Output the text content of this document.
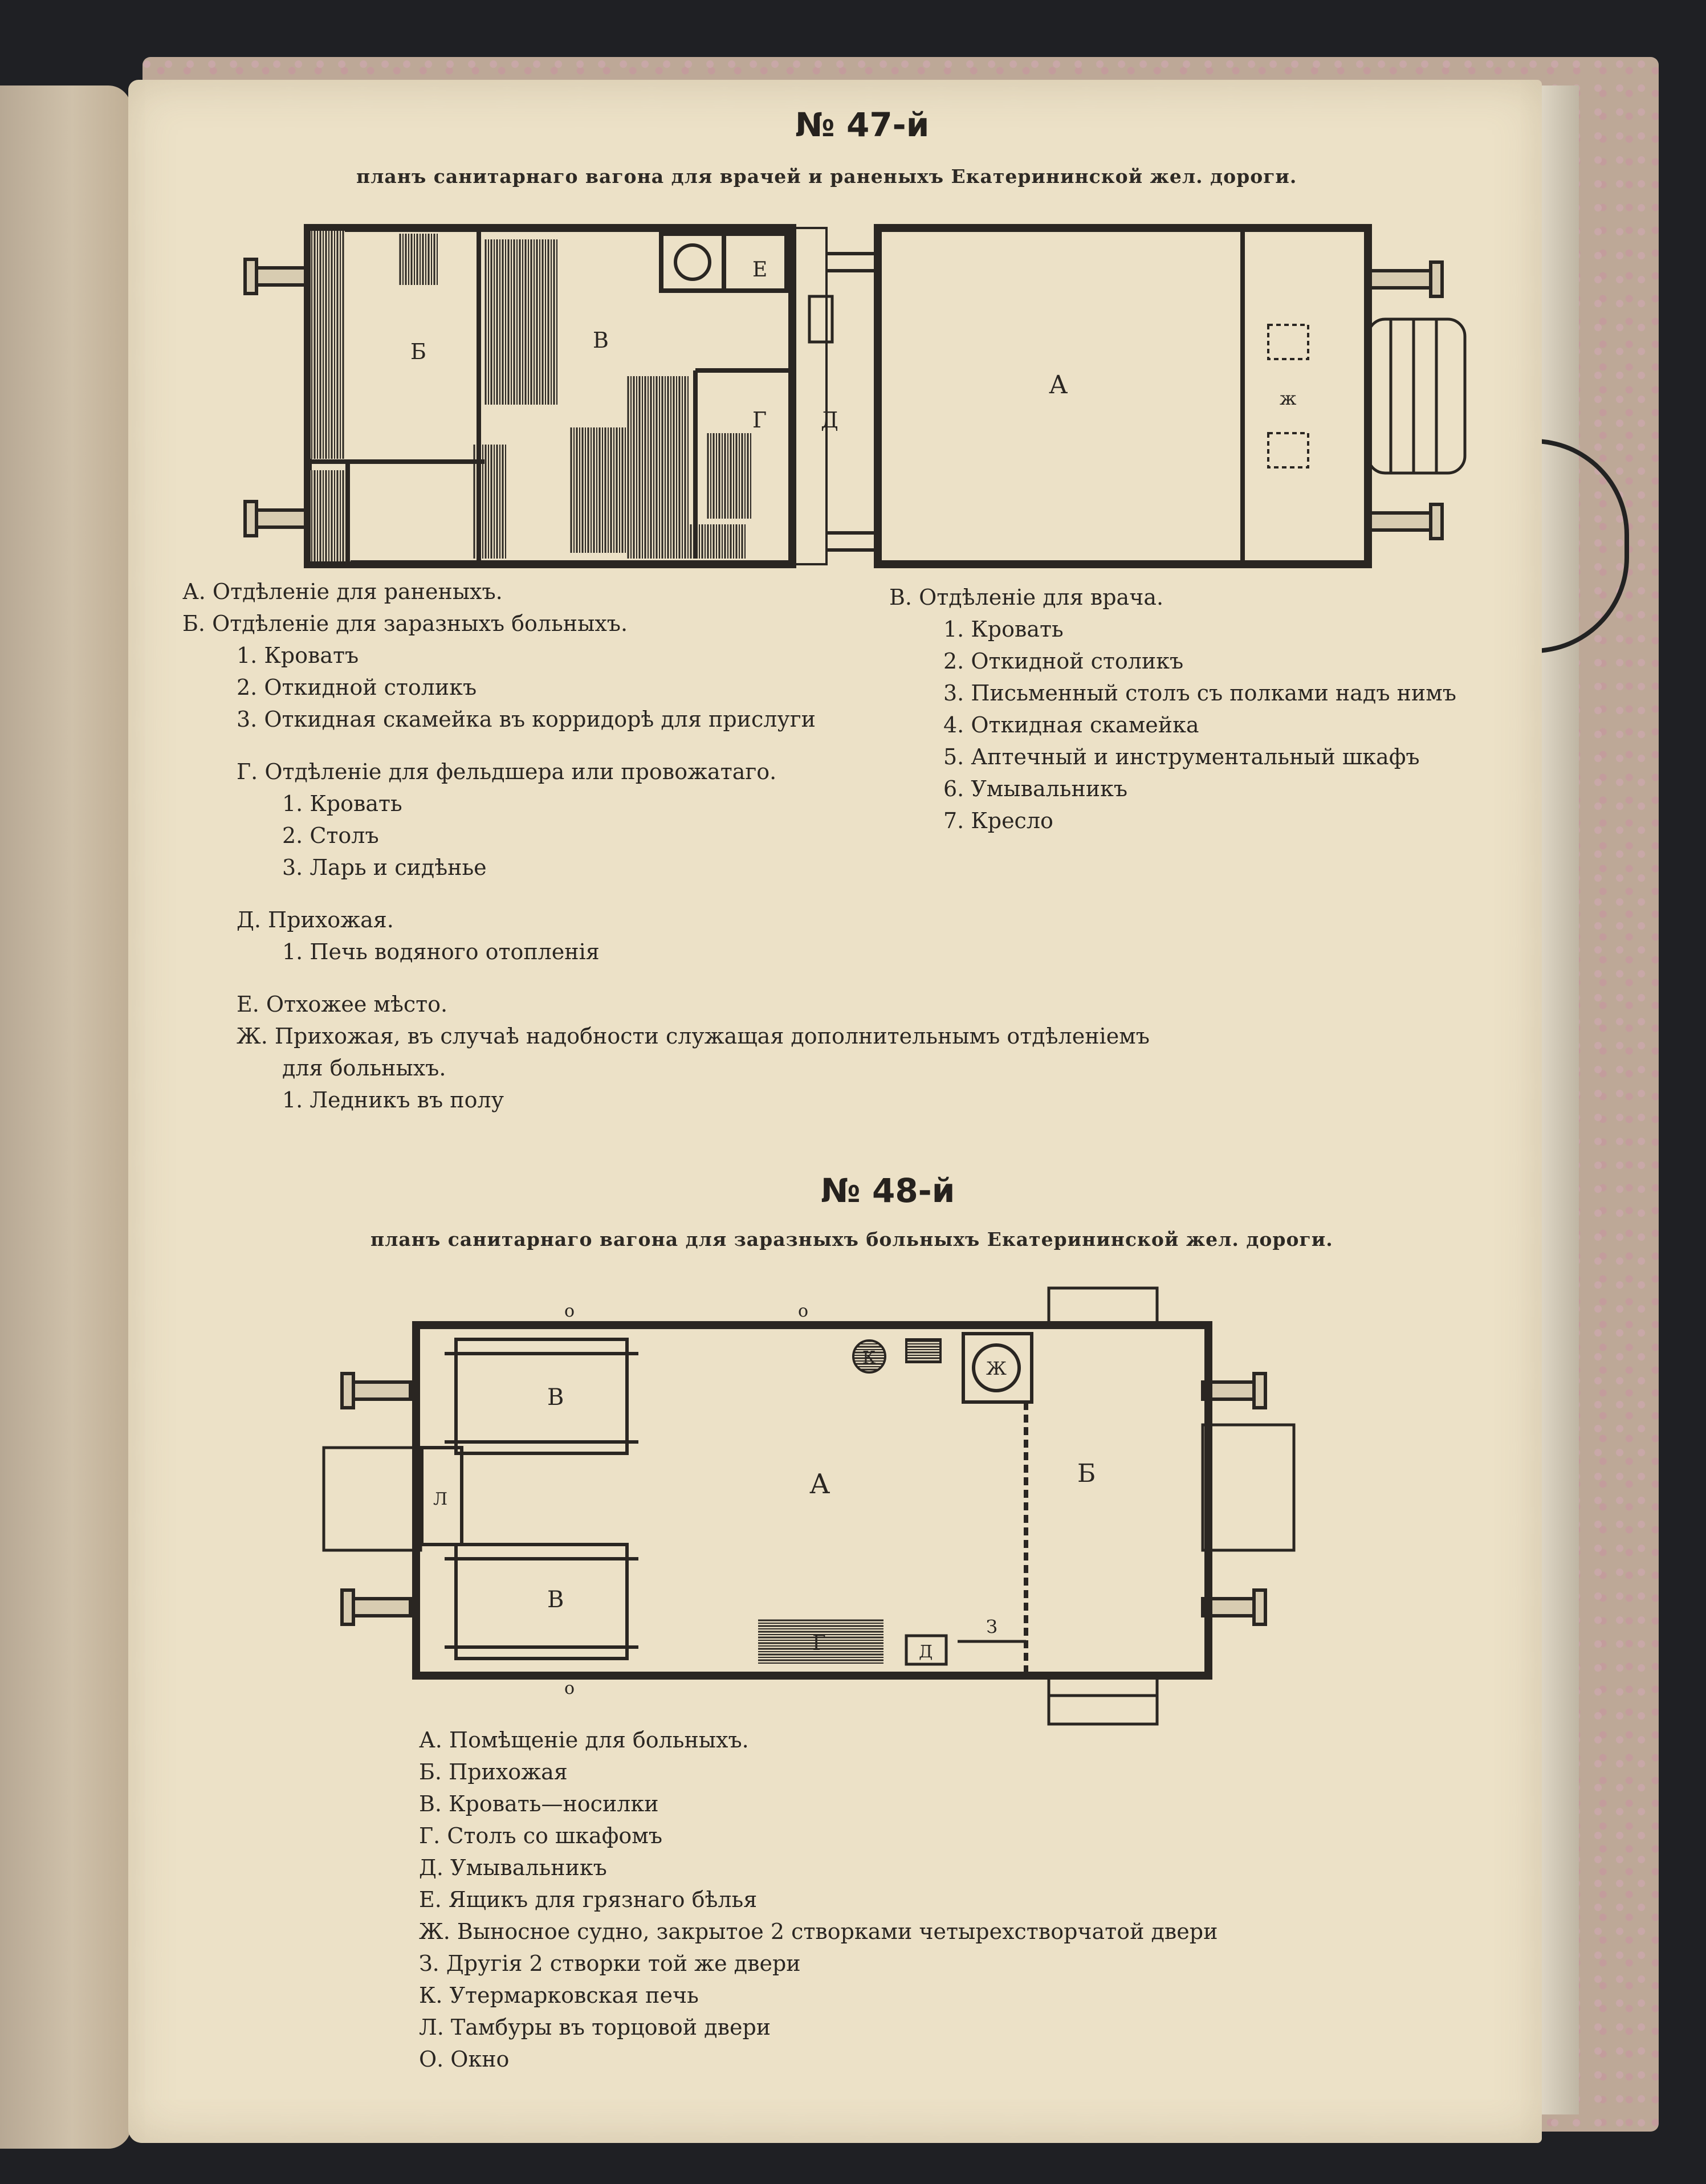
№ 47-й
планъ санитарнаго вагона для врачей и раненыхъ Екатерининской жел. дороги.
Б	В
Г Д
Е
А	ж
А. Отдѣленіе для раненыхъ.
Б. Отдѣленіе для заразныхъ больныхъ.
1. Кроватъ
2. Откидной столикъ
3. Откидная скамейка въ корридорѣ для прислуги
Г. Отдѣленіе для фельдшера или провожатаго.
1. Кровать
2. Столъ
3. Ларь и сидѣнье
Д. Прихожая.
1. Печь водяного отопленія
Е. Отхожее мѣсто.
Ж. Прихожая, въ случаѣ надобности служащая дополнительнымъ отдѣленіемъ
для больныхъ.
1. Ледникъ въ полу
В. Отдѣленіе для врача.
1. Кровать
2. Откидной столикъ
3. Письменный столъ съ полками надъ нимъ
4. Откидная скамейка
5. Аптечный и инструментальный шкафъ
6. Умывальникъ
7. Кресло
№ 48-й
планъ санитарнаго вагона для заразныхъ больныхъ Екатерининской жел. дороги.
В
В
А	Б
Г	Д
Ж
З
К
Л
о	о
о
А. Помѣщеніе для больныхъ.
Б. Прихожая
В. Кровать—носилки
Г. Столъ со шкафомъ
Д. Умывальникъ
Е. Ящикъ для грязнаго бѣлья
Ж. Выносное судно, закрытое 2 створками четырехстворчатой двери
З. Другія 2 створки той же двери
К. Утермарковская печь
Л. Тамбуры въ торцовой двери
О. Окно
